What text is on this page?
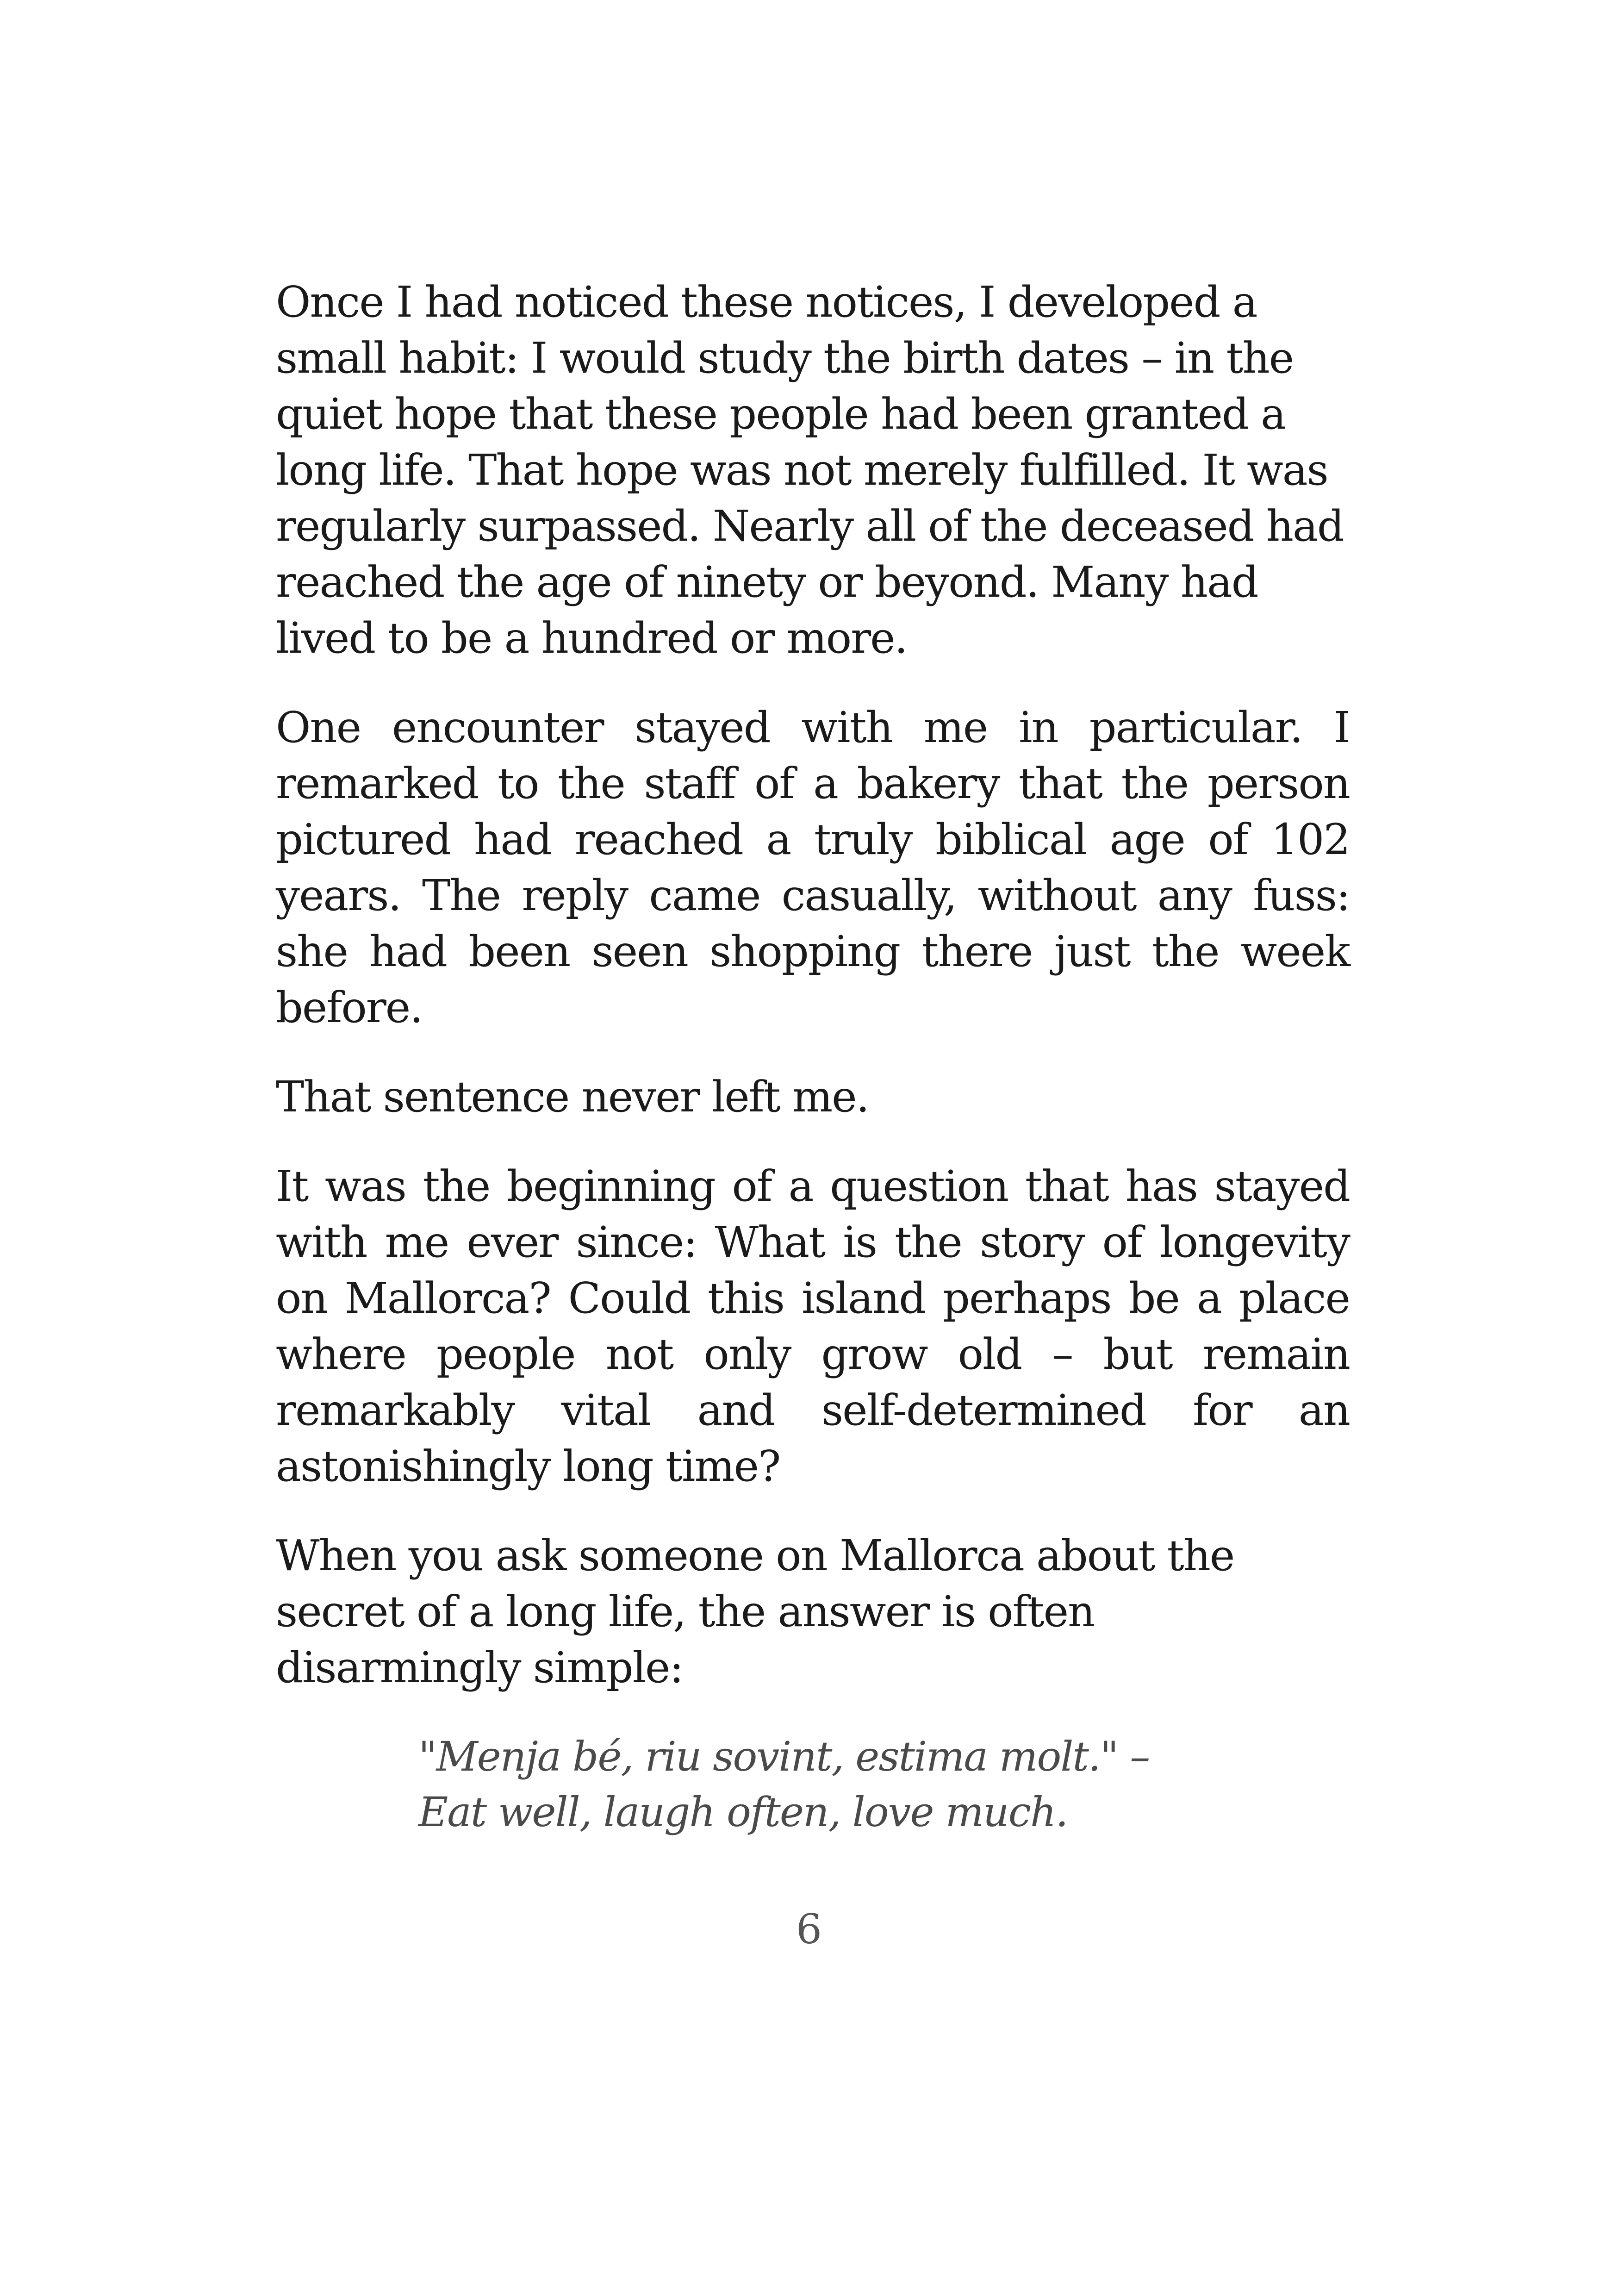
Once I had noticed these notices, I developed a small habit: I would study the birth dates – in the quiet hope that these people had been granted a long life. That hope was not merely fulfilled. It was regularly surpassed. Nearly all of the deceased had reached the age of ninety or beyond. Many had lived to be a hundred or more.

One encounter stayed with me in particular. I remarked to the staff of a bakery that the person pictured had reached a truly biblical age of 102 years. The reply came casually, without any fuss: she had been seen shopping there just the week before.

That sentence never left me.

It was the beginning of a question that has stayed with me ever since: What is the story of longevity on Mallorca? Could this island perhaps be a place where people not only grow old – but remain remarkably vital and self-determined for an astonishingly long time?

When you ask someone on Mallorca about the secret of a long life, the answer is often disarmingly simple:

"Menja bé, riu sovint, estima molt." – Eat well, laugh often, love much.

6
